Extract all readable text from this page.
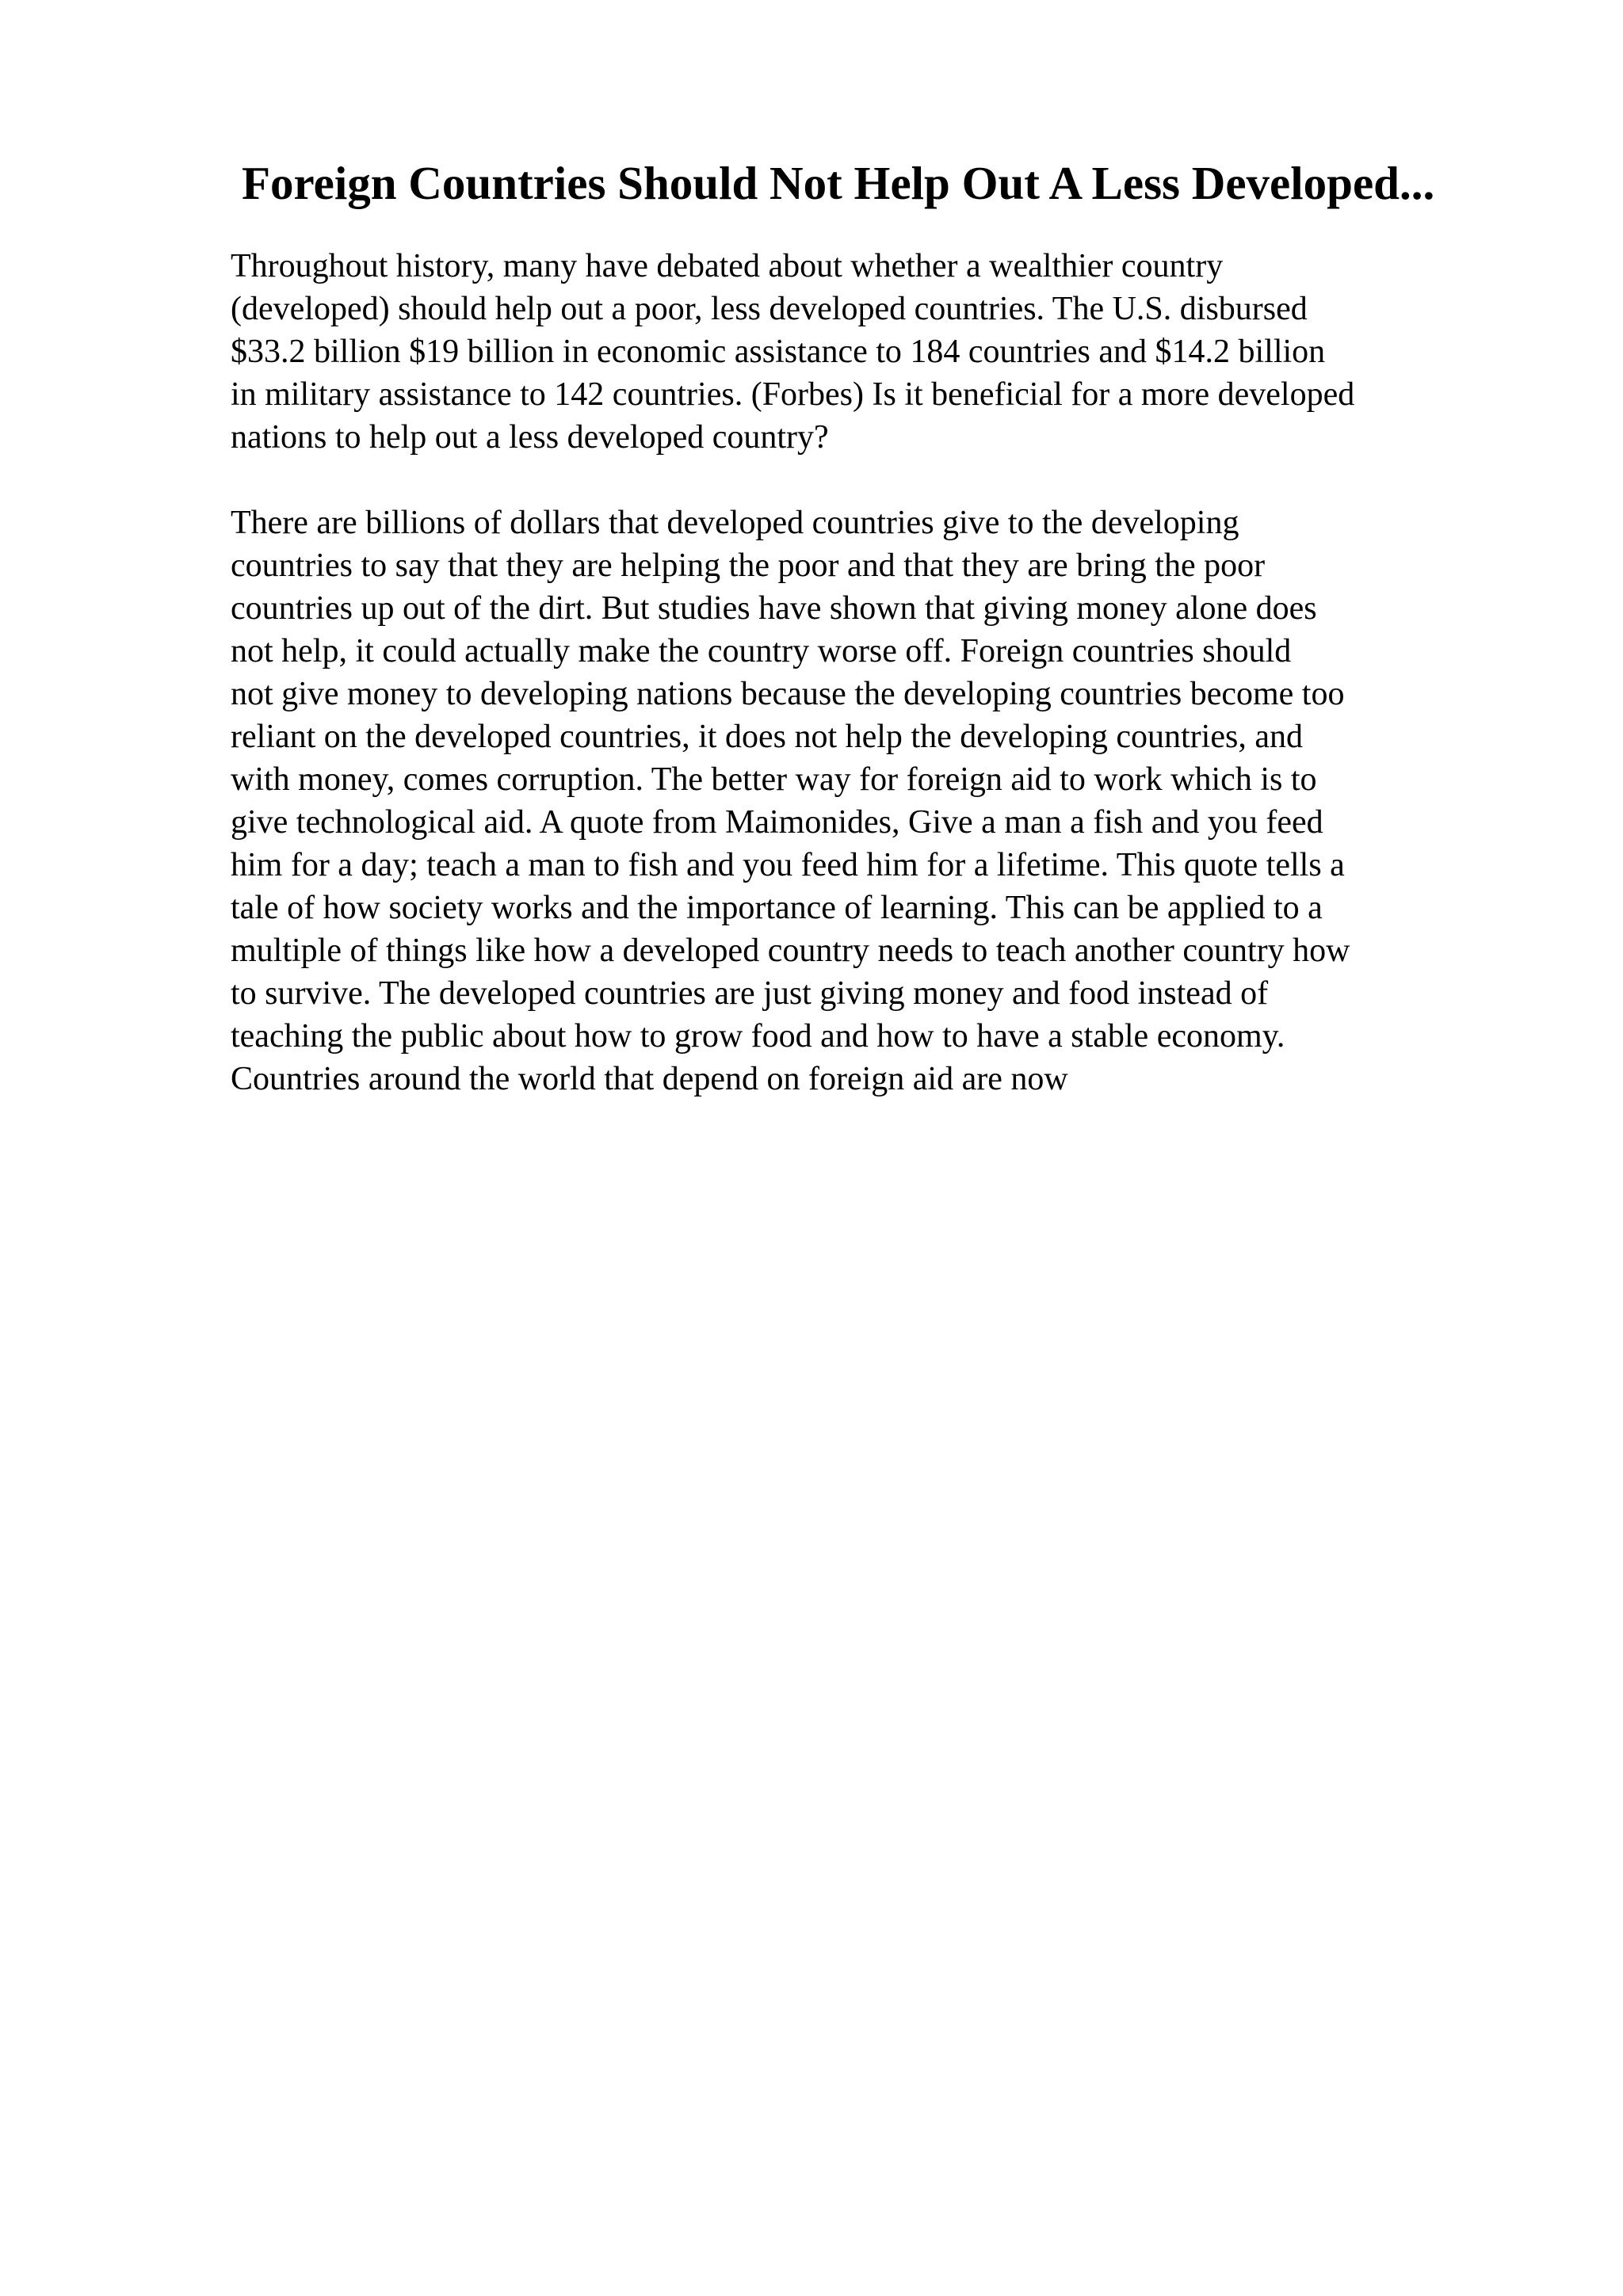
Foreign Countries Should Not Help Out A Less Developed...

Throughout history, many have debated about whether a wealthier country
(developed) should help out a poor, less developed countries. The U.S. disbursed
$33.2 billion $19 billion in economic assistance to 184 countries and $14.2 billion
in military assistance to 142 countries. (Forbes) Is it beneficial for a more developed
nations to help out a less developed country?

There are billions of dollars that developed countries give to the developing
countries to say that they are helping the poor and that they are bring the poor
countries up out of the dirt. But studies have shown that giving money alone does
not help, it could actually make the country worse off. Foreign countries should
not give money to developing nations because the developing countries become too
reliant on the developed countries, it does not help the developing countries, and
with money, comes corruption. The better way for foreign aid to work which is to
give technological aid. A quote from Maimonides, Give a man a fish and you feed
him for a day; teach a man to fish and you feed him for a lifetime. This quote tells a
tale of how society works and the importance of learning. This can be applied to a
multiple of things like how a developed country needs to teach another country how
to survive. The developed countries are just giving money and food instead of
teaching the public about how to grow food and how to have a stable economy.
Countries around the world that depend on foreign aid are now
